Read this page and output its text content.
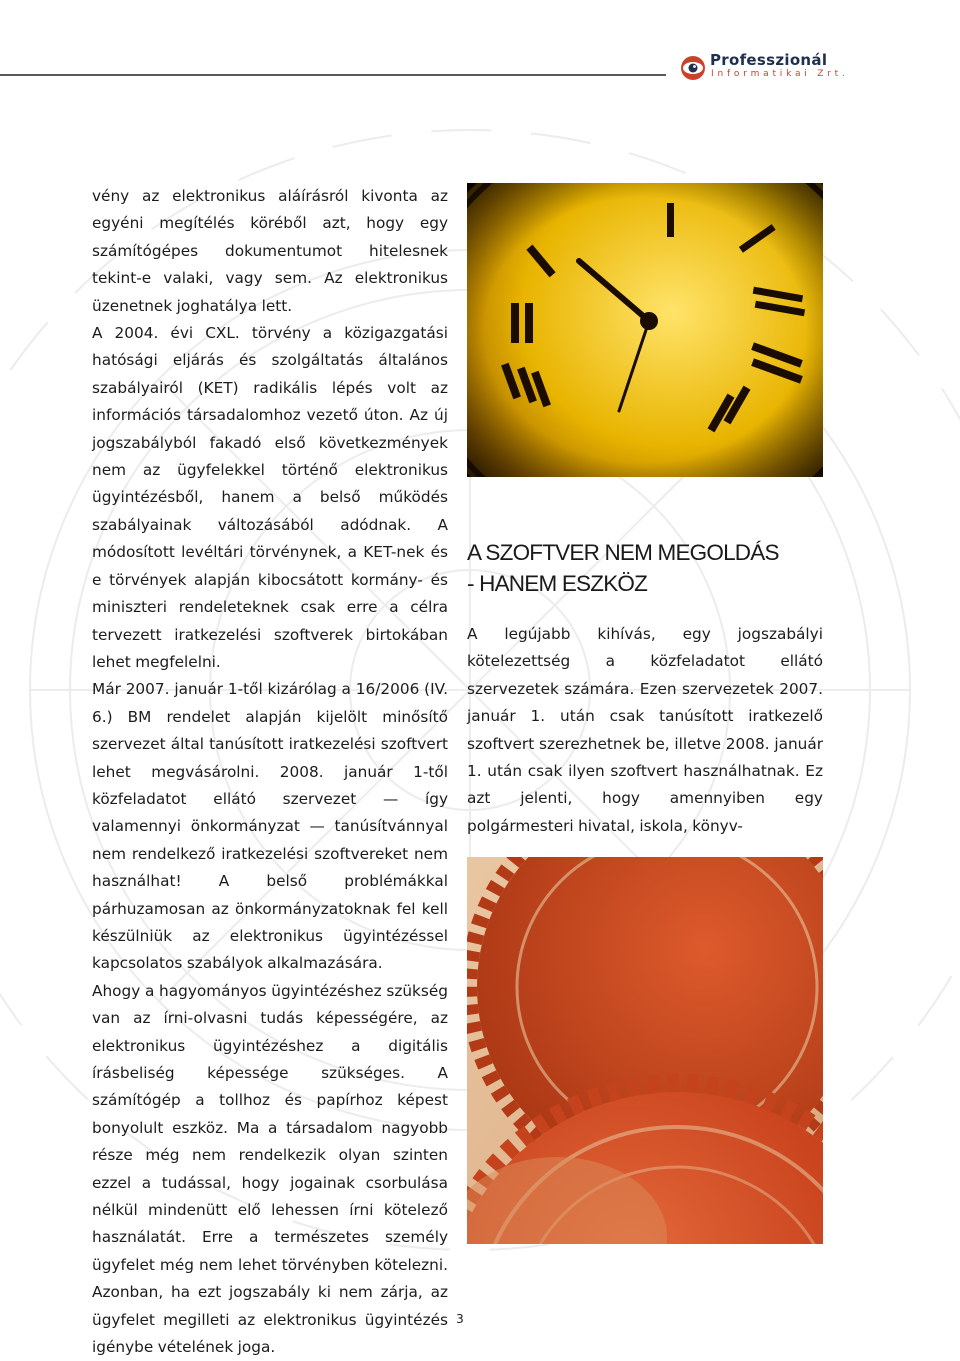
Professzionál
Informatikai Zrt.

vény az elektronikus aláírásról kivonta az egyéni megítélés köréből azt, hogy egy számítógépes dokumentumot hitelesnek tekint-e valaki, vagy sem. Az elektronikus üzenetnek joghatálya lett.

A 2004. évi CXL. törvény a közigazgatási hatósági eljárás és szolgáltatás általános szabályairól (KET) radikális lépés volt az információs társadalomhoz vezető úton. Az új jogszabályból fakadó első következmények nem az ügyfelekkel történő elektronikus ügyintézésből, hanem a belső működés szabályainak változásából adódnak. A módosított levéltári törvénynek, a KET-nek és e törvények alapján kibocsátott kormány- és miniszteri rendeleteknek csak erre a célra tervezett iratkezelési szoftverek birtokában lehet megfelelni.

Már 2007. január 1-től kizárólag a 16/2006 (IV. 6.) BM rendelet alapján kijelölt minősítő szervezet által tanúsított iratkezelési szoftvert lehet megvásárolni. 2008. január 1-től közfeladatot ellátó szervezet — így valamennyi önkormányzat — tanúsítvánnyal nem rendelkező iratkezelési szoftvereket nem használhat! A belső problémákkal párhuzamosan az önkormányzatoknak fel kell készülniük az elektronikus ügyintézéssel kapcsolatos szabályok alkalmazására.

Ahogy a hagyományos ügyintézéshez szükség van az írni-olvasni tudás képességére, az elektronikus ügyintézéshez a digitális írásbeliség képessége szükséges. A számítógép a tollhoz és papírhoz képest bonyolult eszköz. Ma a társadalom nagyobb része még nem rendelkezik olyan szinten ezzel a tudással, hogy jogainak csorbulása nélkül mindenütt elő lehessen írni kötelező használatát. Erre a természetes személy ügyfelet még nem lehet törvényben kötelezni. Azonban, ha ezt jogszabály ki nem zárja, az ügyfelet megilleti az elektronikus ügyintézés igénybe vételének joga.

A SZOFTVER NEM MEGOLDÁS
- HANEM ESZKÖZ

A legújabb kihívás, egy jogszabályi kötelezettség a közfeladatot ellátó szervezetek számára. Ezen szervezetek 2007. január 1. után csak tanúsított iratkezelő szoftvert szerezhetnek be, illetve 2008. január 1. után csak ilyen szoftvert használhatnak. Ez azt jelenti, hogy amennyiben egy polgármesteri hivatal, iskola, könyv-

3
